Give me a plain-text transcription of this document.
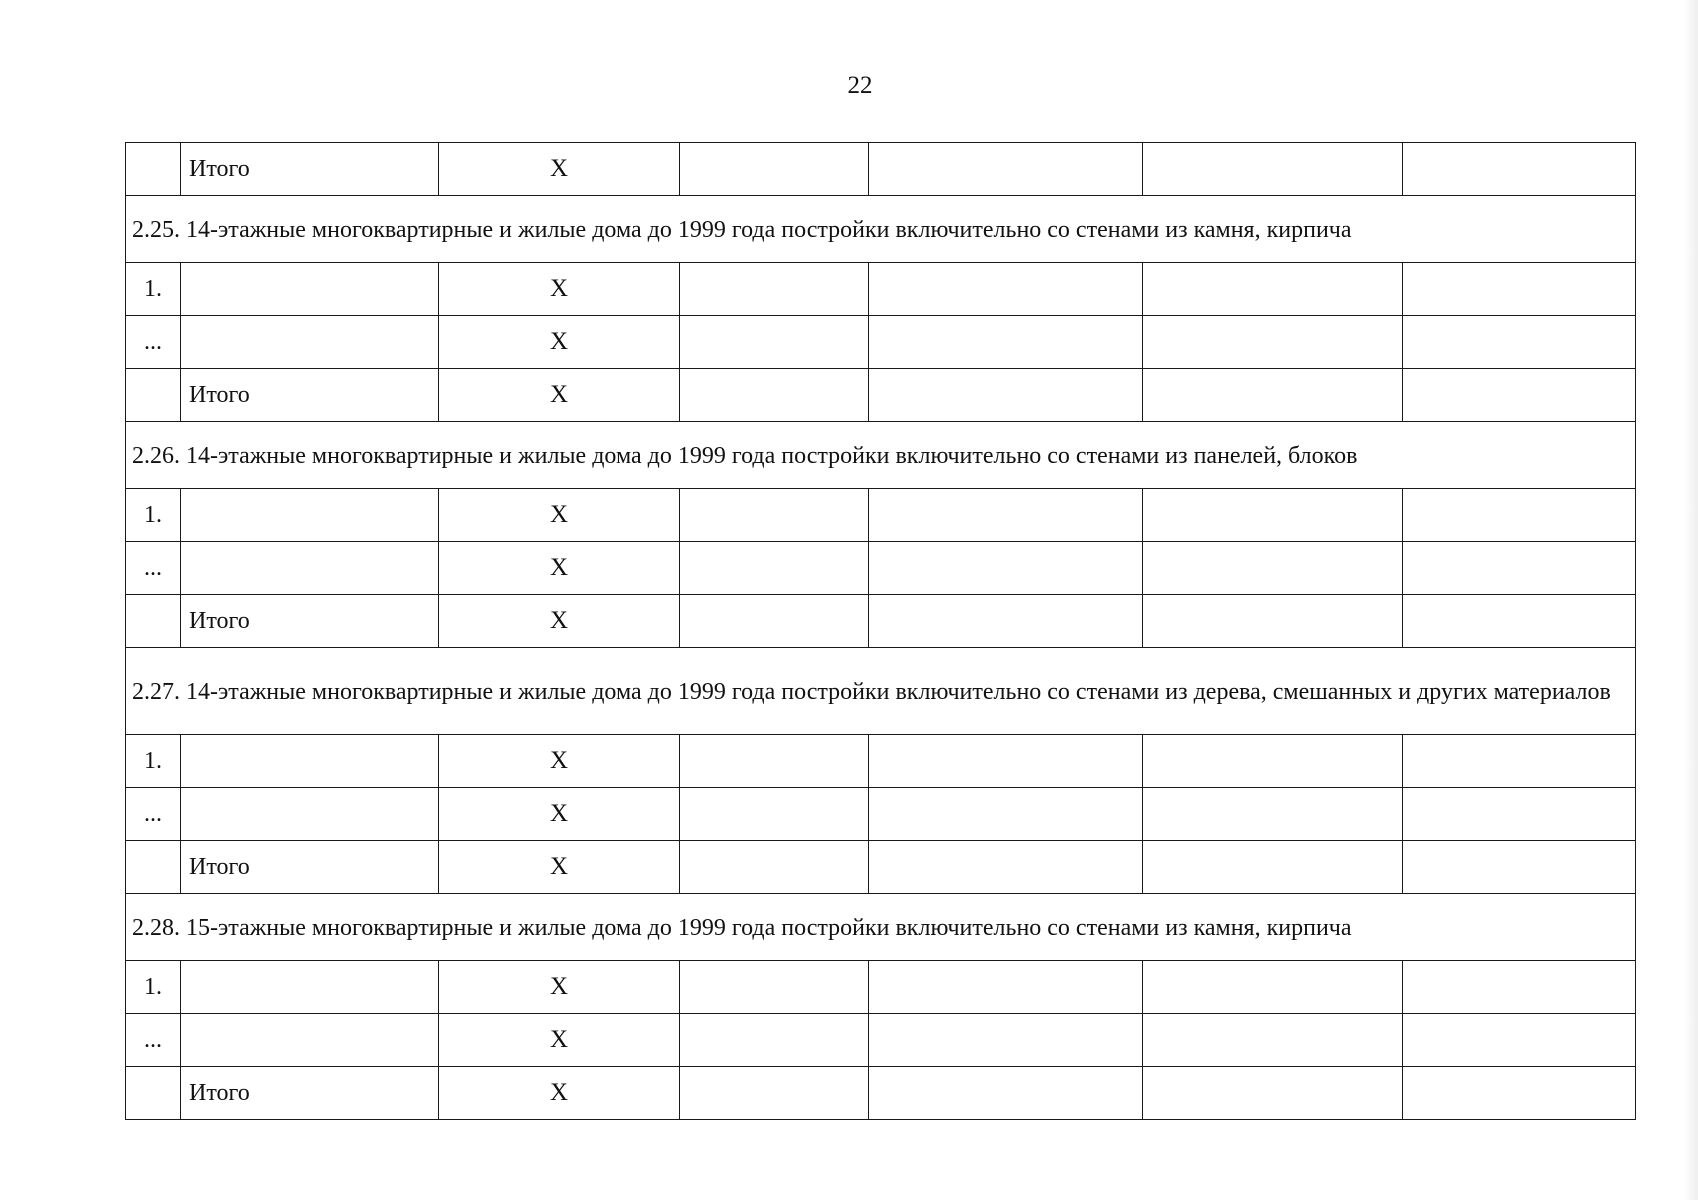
22
	Итого	Х				
2.25. 14-этажные многоквартирные и жилые дома до 1999 года постройки включительно со стенами из камня, кирпича						
1.		Х				
...		Х				
	Итого	Х				
2.26. 14-этажные многоквартирные и жилые дома до 1999 года постройки включительно со стенами из панелей, блоков						
1.		Х				
...		Х				
	Итого	Х				
2.27. 14-этажные многоквартирные и жилые дома до 1999 года постройки включительно со стенами из дерева, смешанных и других материалов						
1.		Х				
...		Х				
	Итого	Х				
2.28. 15-этажные многоквартирные и жилые дома до 1999 года постройки включительно со стенами из камня, кирпича						
1.		Х				
...		Х				
	Итого	Х				
